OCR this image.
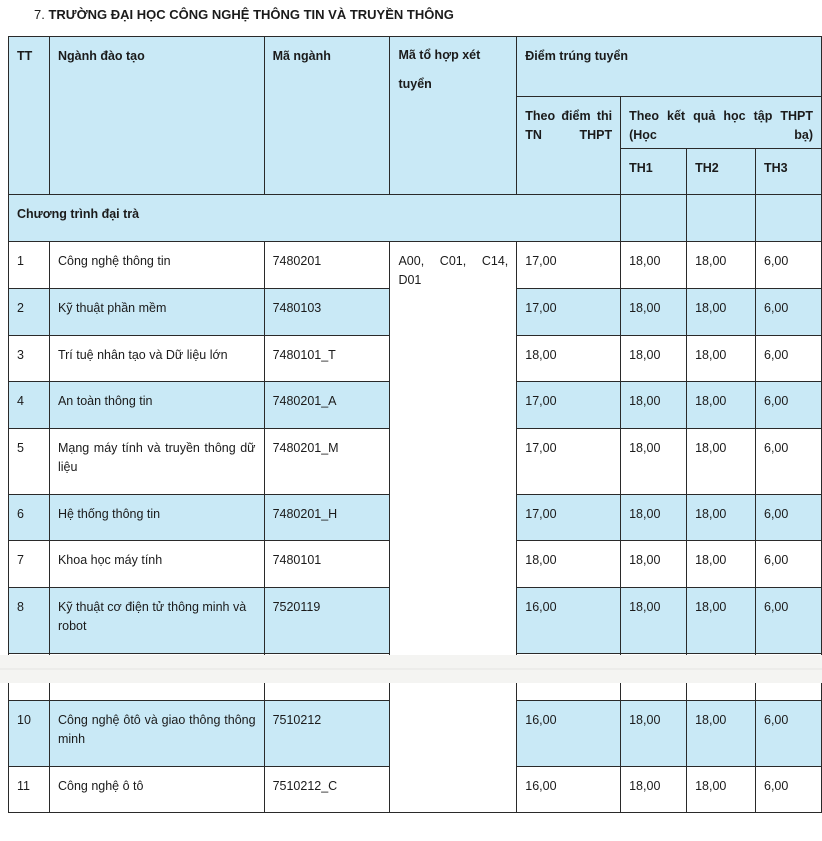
7. TRƯỜNG ĐẠI HỌC CÔNG NGHỆ THÔNG TIN VÀ TRUYỀN THÔNG
TT	Ngành đào tạo	Mã ngành	Mã tổ hợp xét tuyển	Điểm trúng tuyển			
				Theo điểm thi TN THPT	Theo kết quả học tập THPT (Học bạ)		
					TH1	TH2	TH3
Chương trình đại trà							
1	Công nghệ thông tin	7480201	A00, C01, C14, D01	17,00	18,00	18,00	6,00
2	Kỹ thuật phần mềm	7480103		17,00	18,00	18,00	6,00
3	Trí tuệ nhân tạo và Dữ liệu lớn	7480101_T		18,00	18,00	18,00	6,00
4	An toàn thông tin	7480201_A		17,00	18,00	18,00	6,00
5	Mạng máy tính và truyền thông dữ liệu	7480201_M		17,00	18,00	18,00	6,00
6	Hệ thống thông tin	7480201_H		17,00	18,00	18,00	6,00
7	Khoa học máy tính	7480101		18,00	18,00	18,00	6,00
8	Kỹ thuật cơ điện tử thông minh và robot	7520119		16,00	18,00	18,00	6,00

10	Công nghệ ôtô và giao thông thông minh	7510212		16,00	18,00	18,00	6,00
11	Công nghệ ô tô	7510212_C		16,00	18,00	18,00	6,00
